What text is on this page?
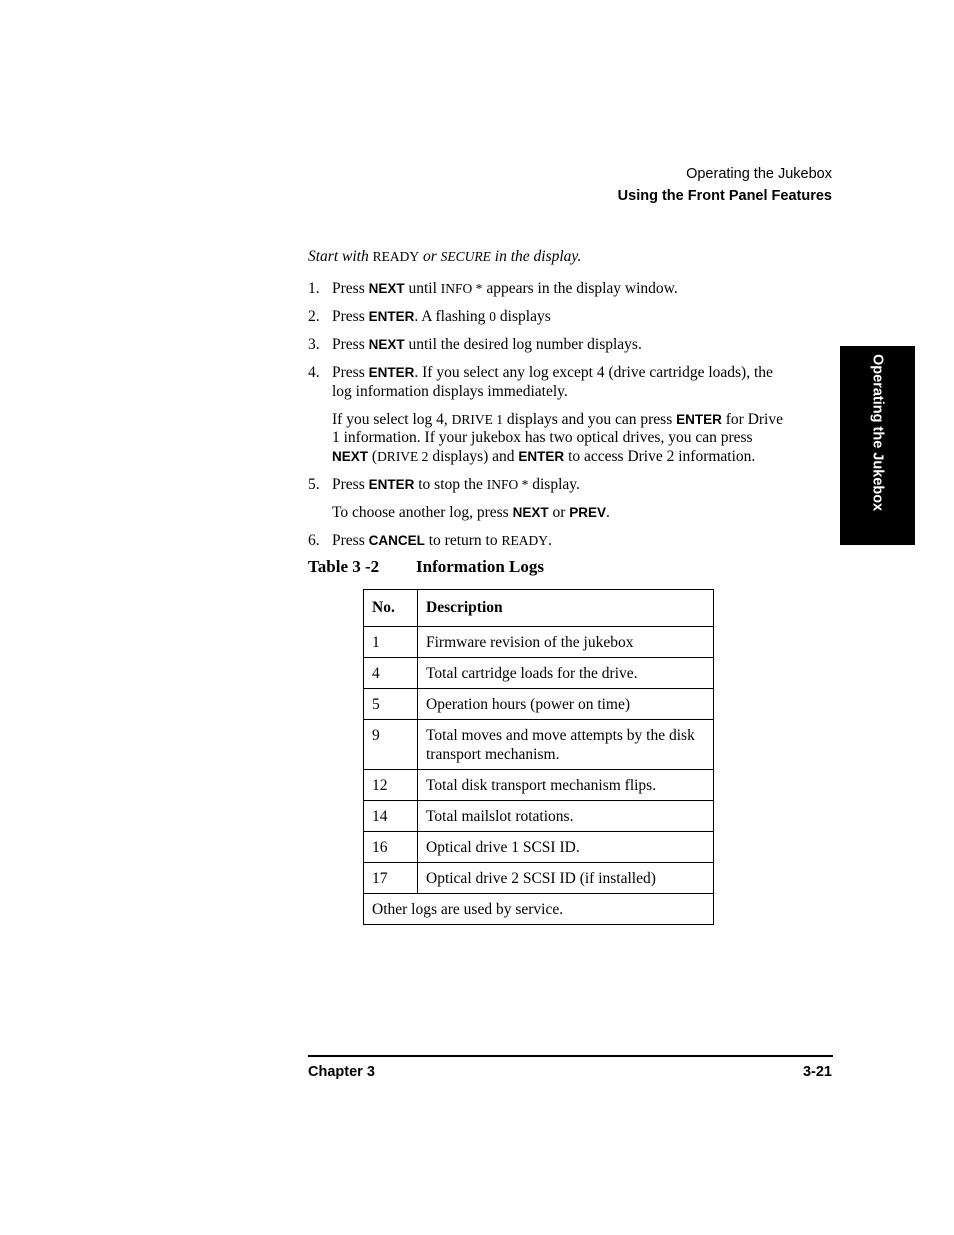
Operating the Jukebox
Using the Front Panel Features
Operating the Jukebox
Start with READY or SECURE in the display.
1. Press NEXT until INFO * appears in the display window.
2. Press ENTER. A flashing 0 displays
3. Press NEXT until the desired log number displays.
4. Press ENTER. If you select any log except 4 (drive cartridge loads), the
log information displays immediately.
If you select log 4, DRIVE 1 displays and you can press ENTER for Drive
1 information. If your jukebox has two optical drives, you can press
NEXT (DRIVE 2 displays) and ENTER to access Drive 2 information.
5. Press ENTER to stop the INFO * display.
To choose another log, press NEXT or PREV.
6. Press CANCEL to return to READY.
Table 3 -2 Information Logs
No.	Description
1	Firmware revision of the jukebox
4	Total cartridge loads for the drive.
5	Operation hours (power on time)
9	Total moves and move attempts by the disk transport mechanism.
12	Total disk transport mechanism flips.
14	Total mailslot rotations.
16	Optical drive 1 SCSI ID.
17	Optical drive 2 SCSI ID (if installed)
Other logs are used by service.	
Chapter 3	3-21
